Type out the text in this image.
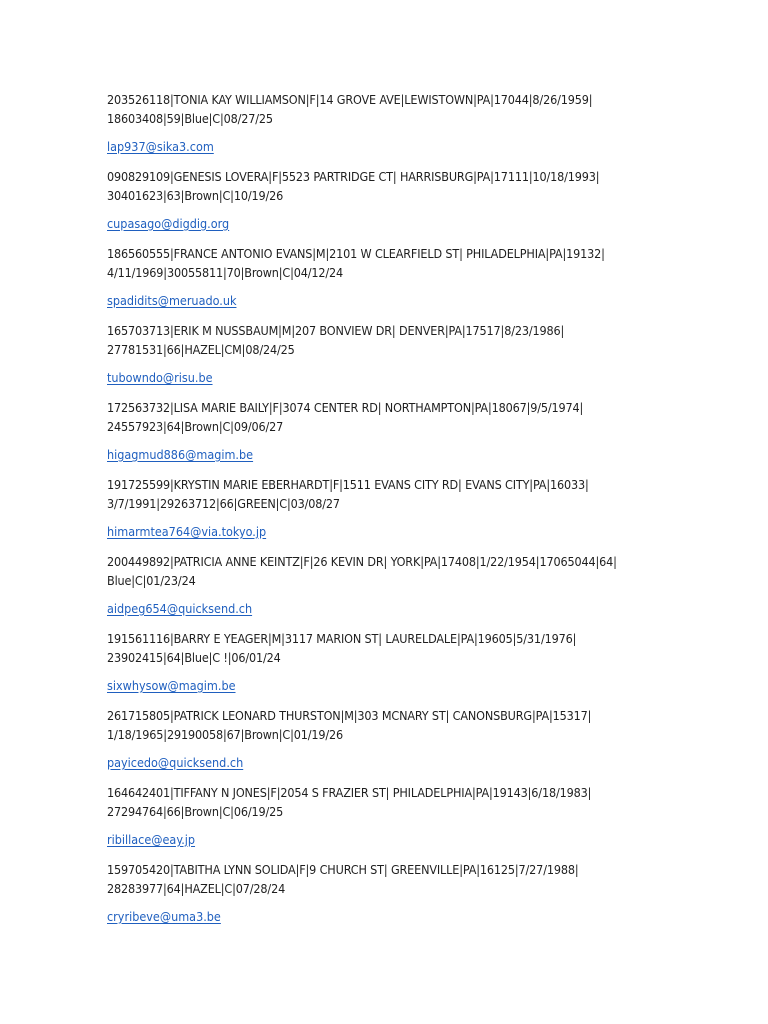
203526118|TONIA KAY WILLIAMSON|F|14 GROVE AVE|LEWISTOWN|PA|17044|8/26/1959|
18603408|59|Blue|C|08/27/25
lap937@sika3.com
090829109|GENESIS LOVERA|F|5523 PARTRIDGE CT| HARRISBURG|PA|17111|10/18/1993|
30401623|63|Brown|C|10/19/26
cupasago@digdig.org
186560555|FRANCE ANTONIO EVANS|M|2101 W CLEARFIELD ST| PHILADELPHIA|PA|19132|
4/11/1969|30055811|70|Brown|C|04/12/24
spadidits@meruado.uk
165703713|ERIK M NUSSBAUM|M|207 BONVIEW DR| DENVER|PA|17517|8/23/1986|
27781531|66|HAZEL|CM|08/24/25
tubowndo@risu.be
172563732|LISA MARIE BAILY|F|3074 CENTER RD| NORTHAMPTON|PA|18067|9/5/1974|
24557923|64|Brown|C|09/06/27
higagmud886@magim.be
191725599|KRYSTIN MARIE EBERHARDT|F|1511 EVANS CITY RD| EVANS CITY|PA|16033|
3/7/1991|29263712|66|GREEN|C|03/08/27
himarmtea764@via.tokyo.jp
200449892|PATRICIA ANNE KEINTZ|F|26 KEVIN DR| YORK|PA|17408|1/22/1954|17065044|64|
Blue|C|01/23/24
aidpeg654@quicksend.ch
191561116|BARRY E YEAGER|M|3117 MARION ST| LAURELDALE|PA|19605|5/31/1976|
23902415|64|Blue|C !|06/01/24
sixwhysow@magim.be
261715805|PATRICK LEONARD THURSTON|M|303 MCNARY ST| CANONSBURG|PA|15317|
1/18/1965|29190058|67|Brown|C|01/19/26
payicedo@quicksend.ch
164642401|TIFFANY N JONES|F|2054 S FRAZIER ST| PHILADELPHIA|PA|19143|6/18/1983|
27294764|66|Brown|C|06/19/25
ribillace@eay.jp
159705420|TABITHA LYNN SOLIDA|F|9 CHURCH ST| GREENVILLE|PA|16125|7/27/1988|
28283977|64|HAZEL|C|07/28/24
cryribeve@uma3.be
